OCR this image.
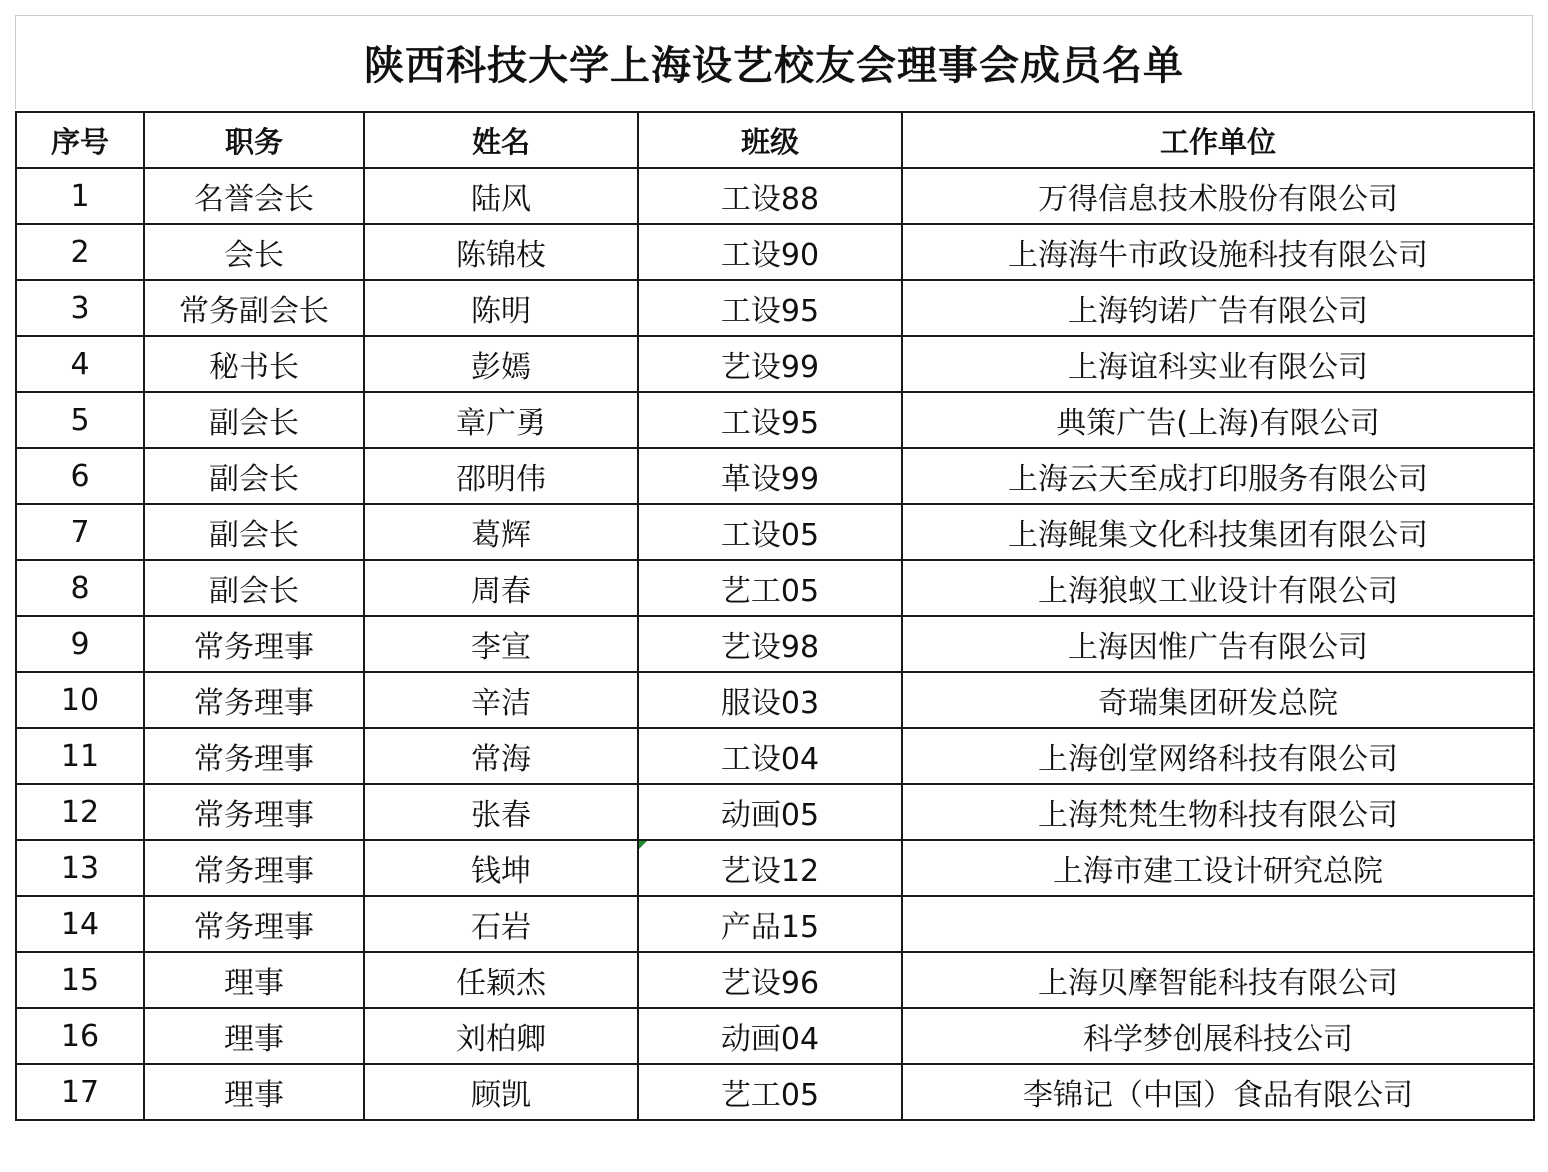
陕西科技大学上海设艺校友会理事会成员名单
序号	职务	姓名	班级	工作单位
1	名誉会长	陆风	工设88	万得信息技术股份有限公司
2	会长	陈锦枝	工设90	上海海牛市政设施科技有限公司
3	常务副会长	陈明	工设95	上海钧诺广告有限公司
4	秘书长	彭嫣	艺设99	上海谊科实业有限公司
5	副会长	章广勇	工设95	典策广告(上海)有限公司
6	副会长	邵明伟	革设99	上海云天至成打印服务有限公司
7	副会长	葛辉	工设05	上海鲲集文化科技集团有限公司
8	副会长	周春	艺工05	上海狼蚁工业设计有限公司
9	常务理事	李宣	艺设98	上海因惟广告有限公司
10	常务理事	辛洁	服设03	奇瑞集团研发总院
11	常务理事	常海	工设04	上海创堂网络科技有限公司
12	常务理事	张春	动画05	上海梵梵生物科技有限公司
13	常务理事	钱坤	艺设12	上海市建工设计研究总院
14	常务理事	石岩	产品15	
15	理事	任颖杰	艺设96	上海贝摩智能科技有限公司
16	理事	刘柏卿	动画04	科学梦创展科技公司
17	理事	顾凯	艺工05	李锦记（中国）食品有限公司
